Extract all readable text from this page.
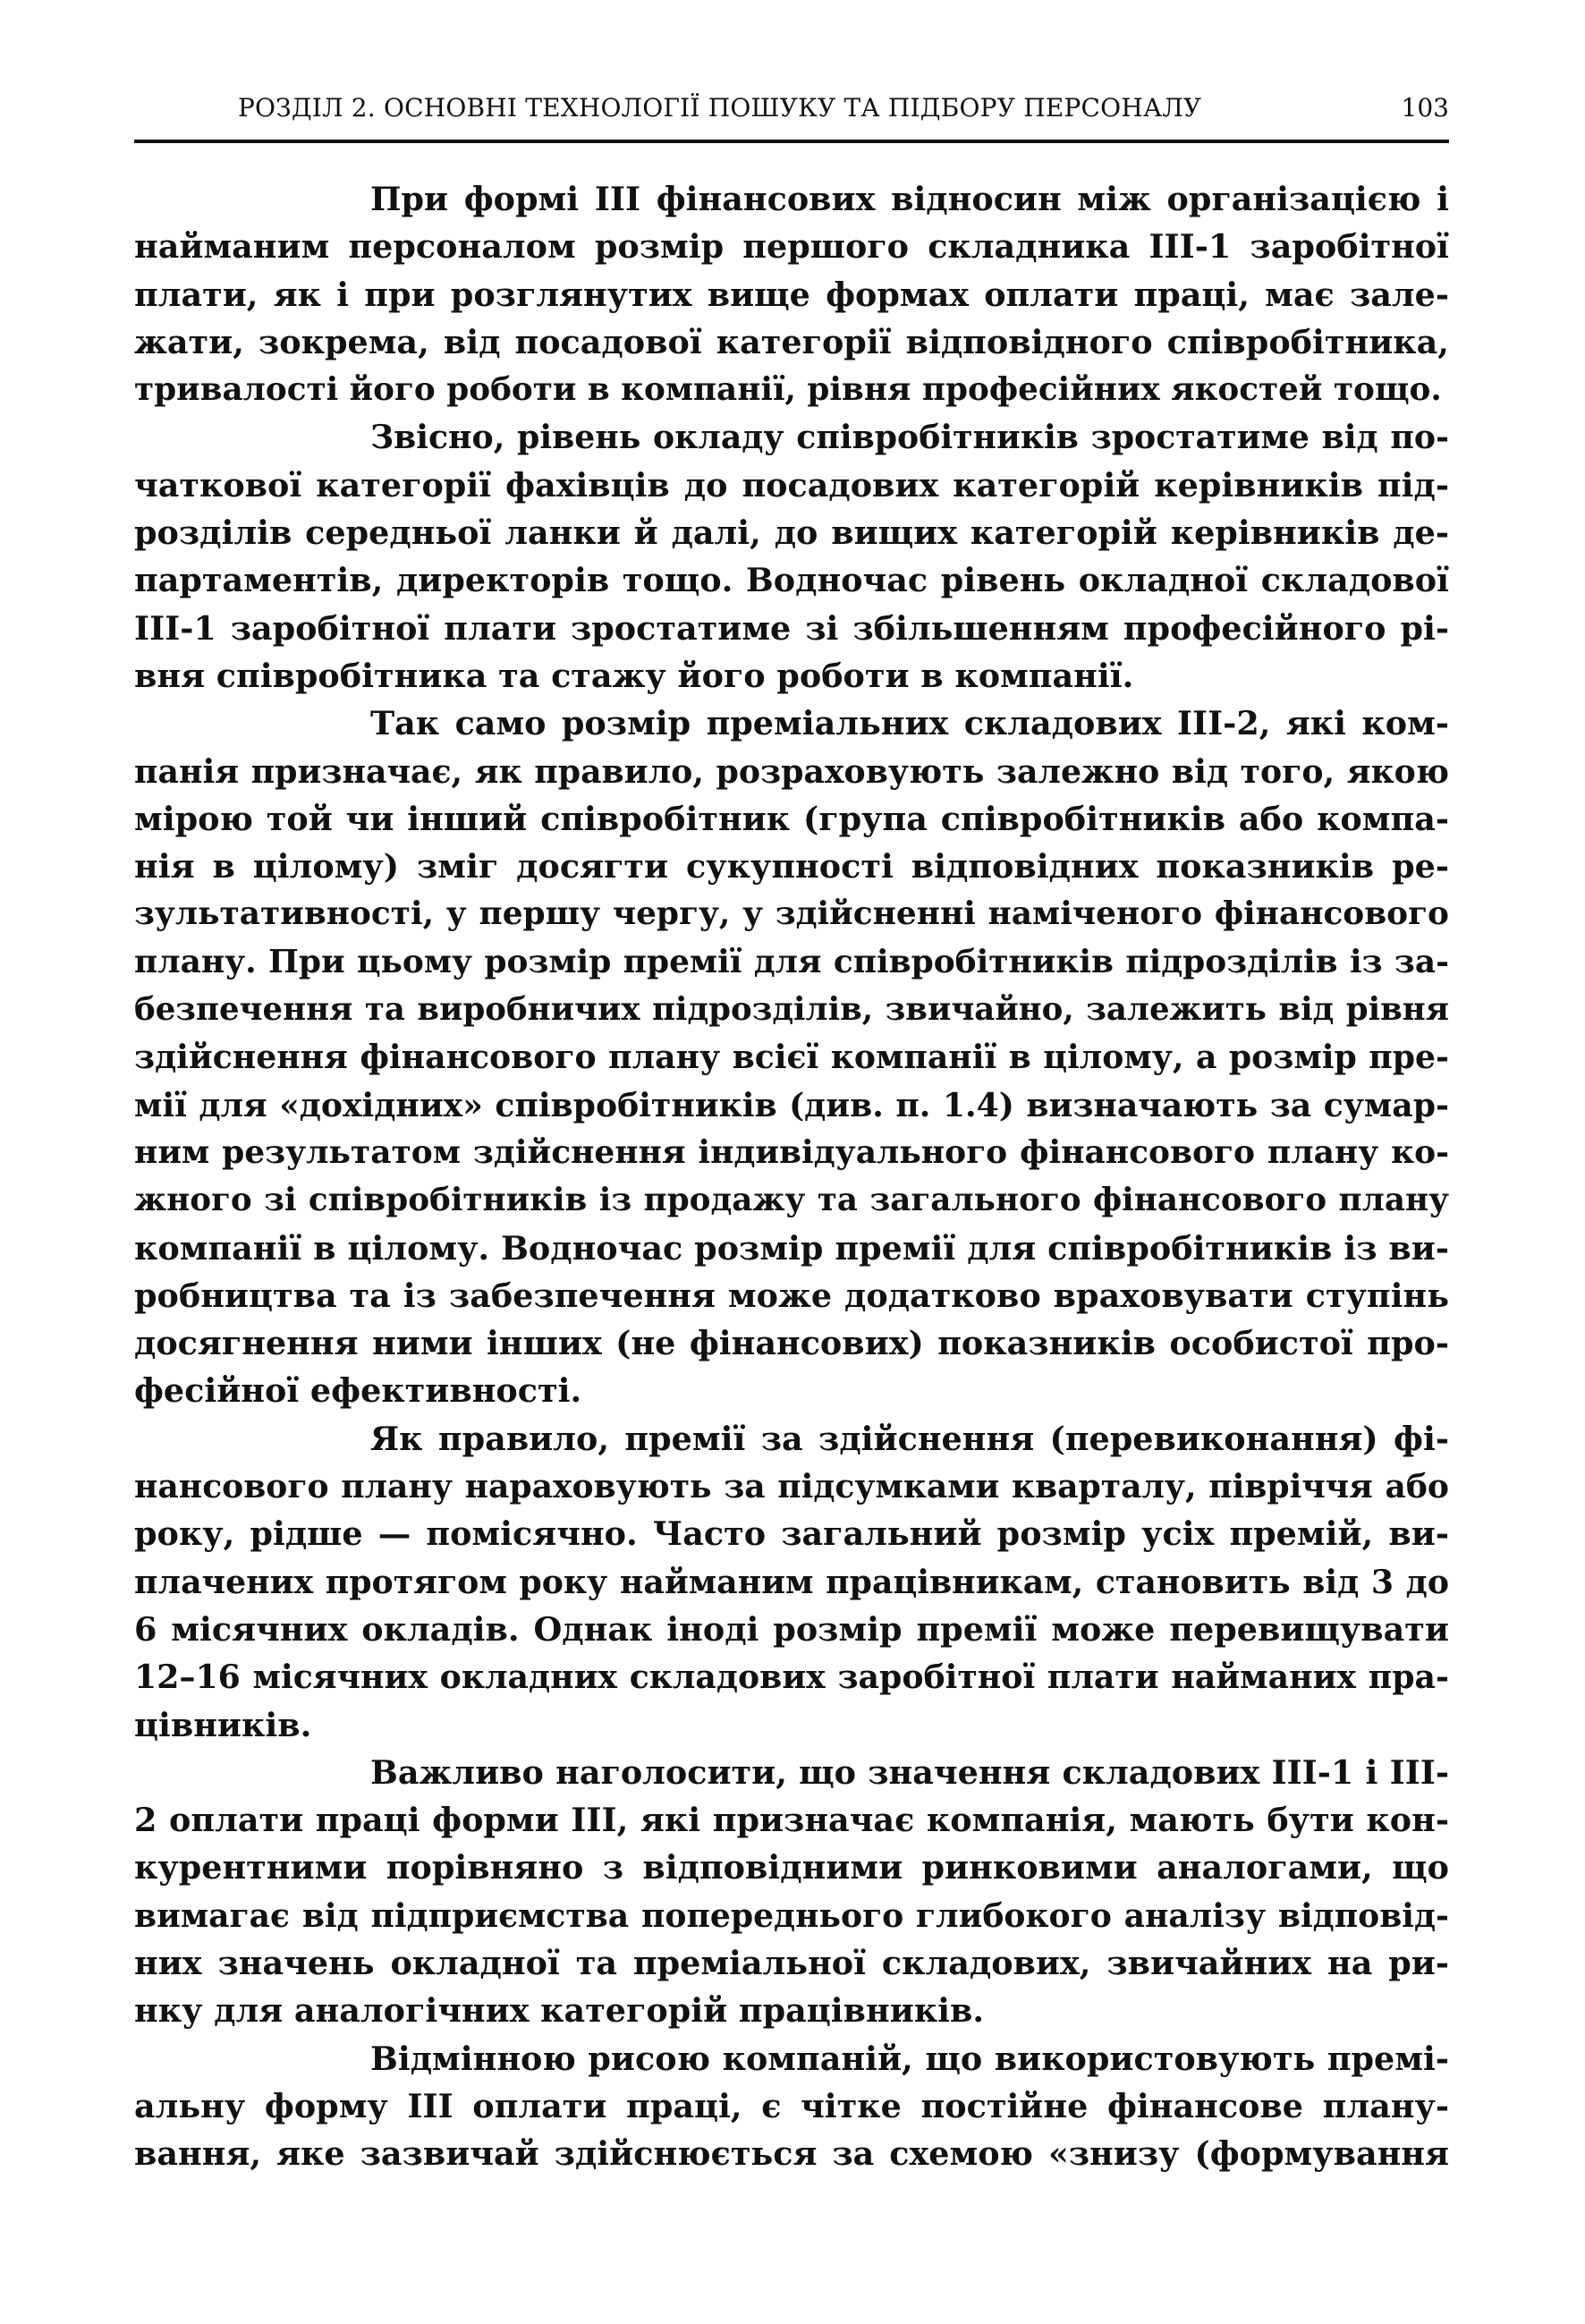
РОЗДІЛ 2. ОСНОВНІ ТЕХНОЛОГІЇ ПОШУКУ ТА ПІДБОРУ ПЕРСОНАЛУ	103

При формі III фінансових відносин між організацією і
найманим персоналом розмір першого складника III-1 заробітної
плати, як і при розглянутих вище формах оплати праці, має зале-
жати, зокрема, від посадової категорії відповідного співробітника,
тривалості його роботи в компанії, рівня професійних якостей тощо.

Звісно, рівень окладу співробітників зростатиме від по-
чаткової категорії фахівців до посадових категорій керівників під-
розділів середньої ланки й далі, до вищих категорій керівників де-
партаментів, директорів тощо. Водночас рівень окладної складової
III-1 заробітної плати зростатиме зі збільшенням професійного рі-
вня співробітника та стажу його роботи в компанії.

Так само розмір преміальних складових III-2, які ком-
панія призначає, як правило, розраховують залежно від того, якою
мірою той чи інший співробітник (група співробітників або компа-
нія в цілому) зміг досягти сукупності відповідних показників ре-
зультативності, у першу чергу, у здійсненні наміченого фінансового
плану. При цьому розмір премії для співробітників підрозділів із за-
безпечення та виробничих підрозділів, звичайно, залежить від рівня
здійснення фінансового плану всієї компанії в цілому, а розмір пре-
мії для «дохідних» співробітників (див. п. 1.4) визначають за сумар-
ним результатом здійснення індивідуального фінансового плану ко-
жного зі співробітників із продажу та загального фінансового плану
компанії в цілому. Водночас розмір премії для співробітників із ви-
робництва та із забезпечення може додатково враховувати ступінь
досягнення ними інших (не фінансових) показників особистої про-
фесійної ефективності.

Як правило, премії за здійснення (перевиконання) фі-
нансового плану нараховують за підсумками кварталу, півріччя або
року, рідше — помісячно. Часто загальний розмір усіх премій, ви-
плачених протягом року найманим працівникам, становить від 3 до
6 місячних окладів. Однак іноді розмір премії може перевищувати
12–16 місячних окладних складових заробітної плати найманих пра-
цівників.

Важливо наголосити, що значення складових III-1 і III-
2 оплати праці форми III, які призначає компанія, мають бути кон-
курентними порівняно з відповідними ринковими аналогами, що
вимагає від підприємства попереднього глибокого аналізу відповід-
них значень окладної та преміальної складових, звичайних на ри-
нку для аналогічних категорій працівників.

Відмінною рисою компаній, що використовують премі-
альну форму III оплати праці, є чітке постійне фінансове плану-
вання, яке зазвичай здійснюється за схемою «знизу (формування
